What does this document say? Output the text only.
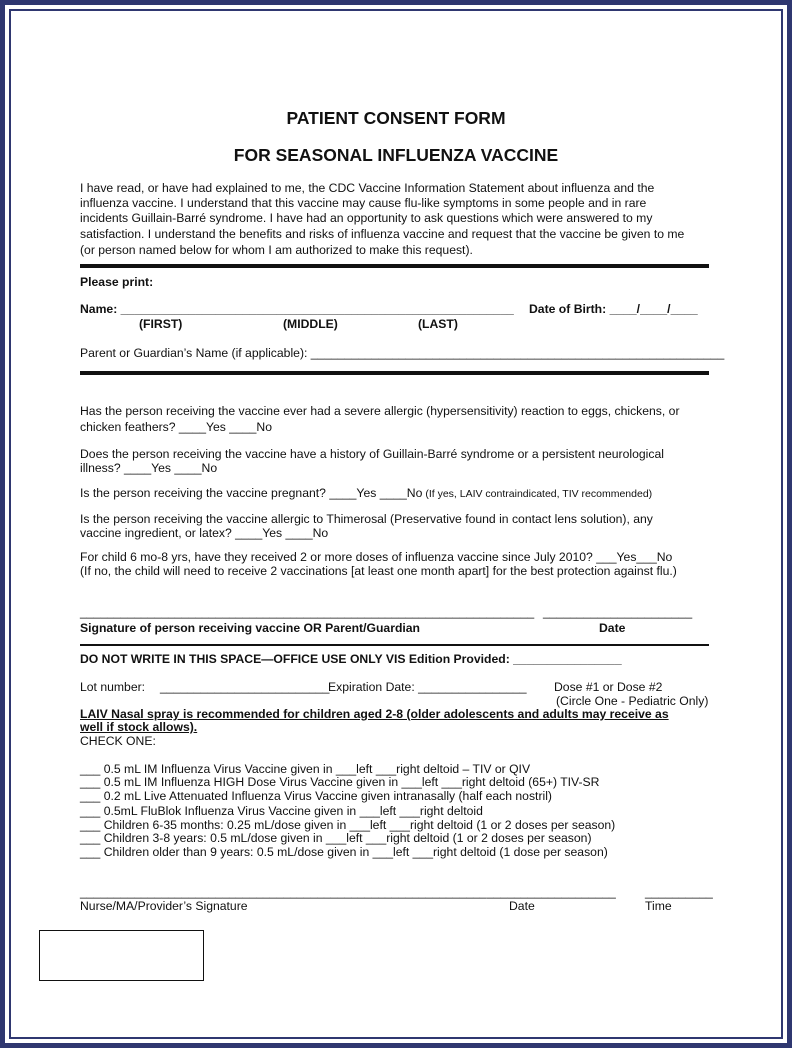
PATIENT CONSENT FORM
FOR SEASONAL INFLUENZA VACCINE
I have read, or have had explained to me, the CDC Vaccine Information Statement about influenza and the
influenza vaccine. I understand that this vaccine may cause flu-like symptoms in some people and in rare
incidents Guillain-Barré syndrome. I have had an opportunity to ask questions which were answered to my
satisfaction. I understand the benefits and risks of influenza vaccine and request that the vaccine be given to me
(or person named below for whom I am authorized to make this request).
Please print:
Name: __________________________________________________________ Date of Birth: ____/____/____
(FIRST)	(MIDDLE)	(LAST)
Parent or Guardian’s Name (if applicable): _____________________________________________________________
Has the person receiving the vaccine ever had a severe allergic (hypersensitivity) reaction to eggs, chickens, or
chicken feathers? ____Yes ____No
Does the person receiving the vaccine have a history of Guillain-Barré syndrome or a persistent neurological
illness? ____Yes ____No
Is the person receiving the vaccine pregnant? ____Yes ____No (If yes, LAIV contraindicated, TIV recommended)
Is the person receiving the vaccine allergic to Thimerosal (Preservative found in contact lens solution), any
vaccine ingredient, or latex? ____Yes ____No
For child 6 mo-8 yrs, have they received 2 or more doses of influenza vaccine since July 2010? ___Yes___No
(If no, the child will need to receive 2 vaccinations [at least one month apart] for the best protection against flu.)
___________________________________________________________________ ______________________
Signature of person receiving vaccine OR Parent/Guardian	Date
DO NOT WRITE IN THIS SPACE—OFFICE USE ONLY VIS Edition Provided: ________________
Lot number: _________________________
Expiration Date: ________________ Dose #1 or Dose #2
(Circle One - Pediatric Only)
LAIV Nasal spray is recommended for children aged 2-8 (older adolescents and adults may receive as
well if stock allows).
CHECK ONE:
___ 0.5 mL IM Influenza Virus Vaccine given in ___left ___right deltoid – TIV or QIV
___ 0.5 mL IM Influenza HIGH Dose Virus Vaccine given in ___left ___right deltoid (65+) TIV-SR
___ 0.2 mL Live Attenuated Influenza Virus Vaccine given intranasally (half each nostril)
___ 0.5mL FluBlok Influenza Virus Vaccine given in ___left ___right deltoid
___ Children 6-35 months: 0.25 mL/dose given in ___left ___right deltoid (1 or 2 doses per season)
___ Children 3-8 years: 0.5 mL/dose given in ___left ___right deltoid (1 or 2 doses per season)
___ Children older than 9 years: 0.5 mL/dose given in ___left ___right deltoid (1 dose per season)
____________________________________________________________ ___________________ __________
Nurse/MA/Provider’s Signature	Date	Time
